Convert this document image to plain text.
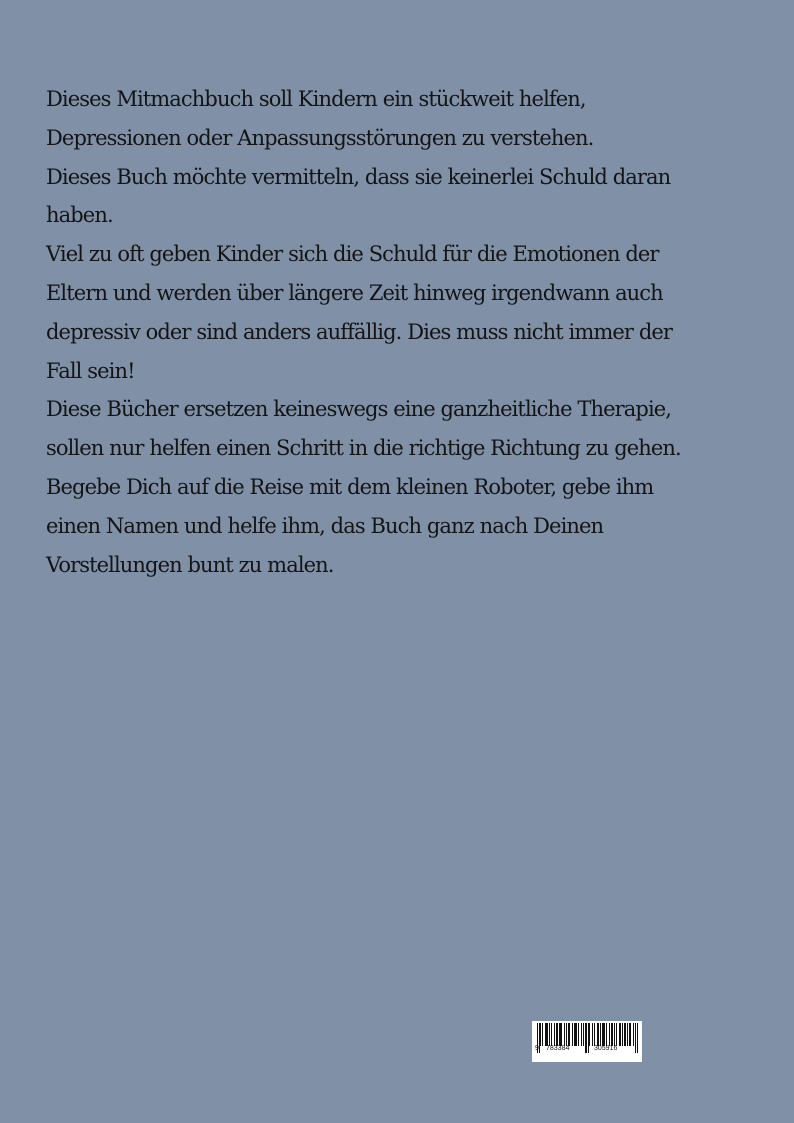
Dieses Mitmachbuch soll Kindern ein stückweit helfen,
Depressionen oder Anpassungsstörungen zu verstehen.
Dieses Buch möchte vermitteln, dass sie keinerlei Schuld daran
haben.
Viel zu oft geben Kinder sich die Schuld für die Emotionen der
Eltern und werden über längere Zeit hinweg irgendwann auch
depressiv oder sind anders auffällig. Dies muss nicht immer der
Fall sein!
Diese Bücher ersetzen keineswegs eine ganzheitliche Therapie,
sollen nur helfen einen Schritt in die richtige Richtung zu gehen.
Begebe Dich auf die Reise mit dem kleinen Roboter, gebe ihm
einen Namen und helfe ihm, das Buch ganz nach Deinen
Vorstellungen bunt zu malen.

9 783384	305916
